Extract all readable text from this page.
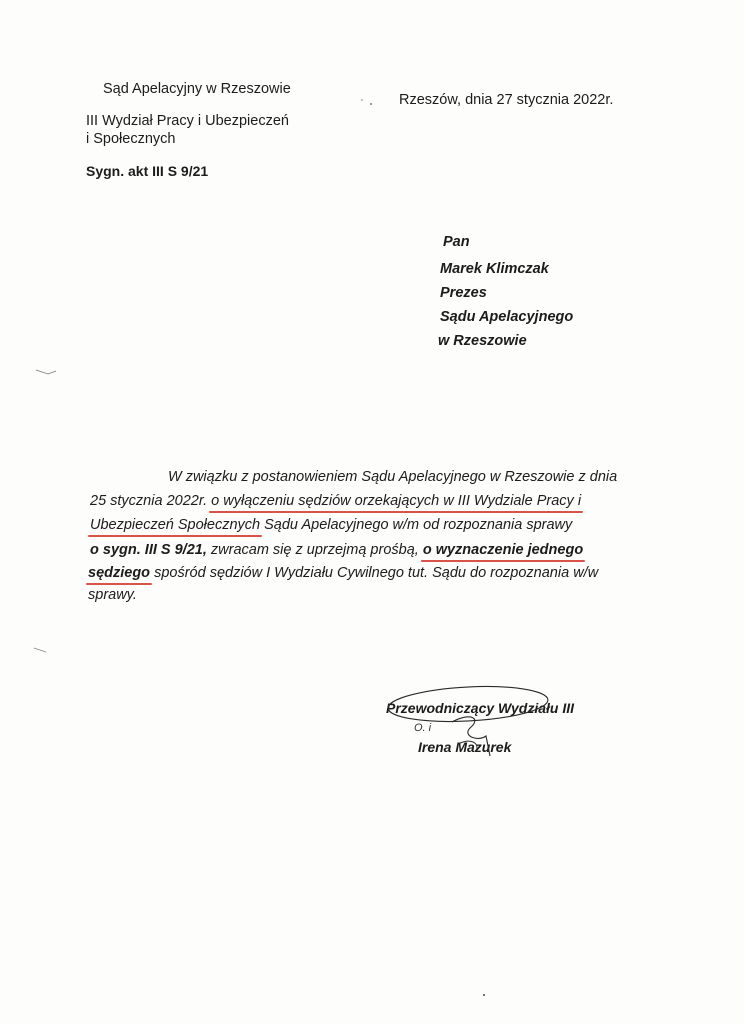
Sąd Apelacyjny w Rzeszowie
III Wydział Pracy i Ubezpieczeń
i Społecznych
Sygn. akt III S 9/21
Rzeszów, dnia 27 stycznia 2022r.
Pan
Marek Klimczak
Prezes
Sądu Apelacyjnego
w Rzeszowie
W związku z postanowieniem Sądu Apelacyjnego w Rzeszowie z dnia
25 stycznia 2022r. o wyłączeniu sędziów orzekających w III Wydziale Pracy i
Ubezpieczeń Społecznych Sądu Apelacyjnego w/m od rozpoznania sprawy
o sygn. III S 9/21, zwracam się z uprzejmą prośbą, o wyznaczenie jednego
sędziego spośród sędziów I Wydziału Cywilnego tut. Sądu do rozpoznania w/w
sprawy.
Przewodniczący Wydziału III
O. i
Irena Mazurek
